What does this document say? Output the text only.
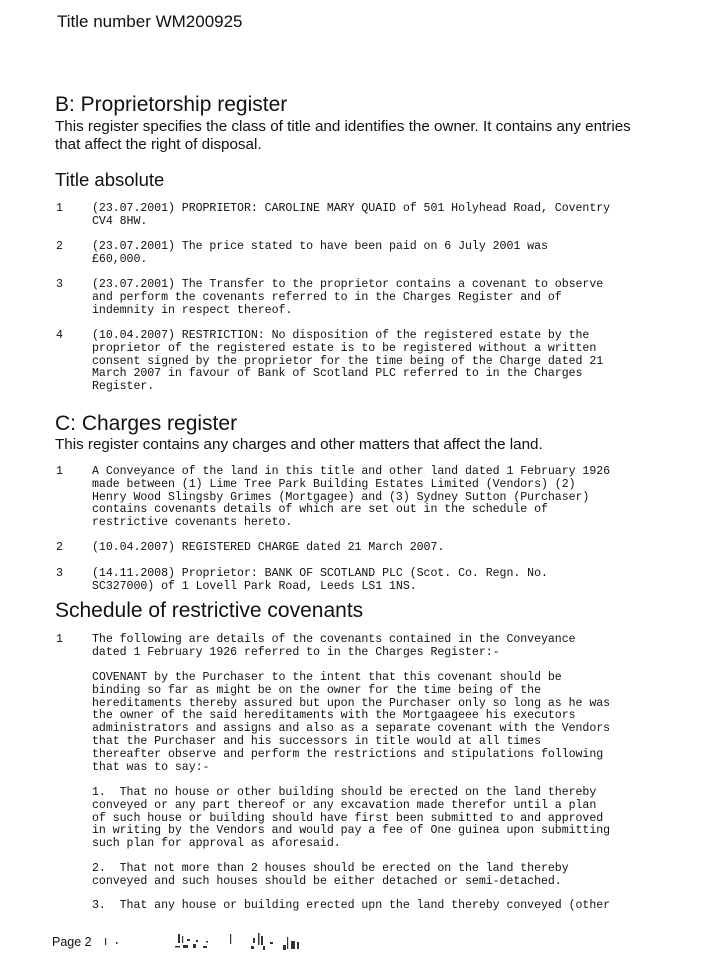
Title number WM200925
B: Proprietorship register
This register specifies the class of title and identifies the owner. It contains any entries that affect the right of disposal.
Title absolute
1	(23.07.2001) PROPRIETOR: CAROLINE MARY QUAID of 501 Holyhead Road, Coventry
CV4 8HW.
2	(23.07.2001) The price stated to have been paid on 6 July 2001 was
£60,000.
3	(23.07.2001) The Transfer to the proprietor contains a covenant to observe
and perform the covenants referred to in the Charges Register and of
indemnity in respect thereof.
4	(10.04.2007) RESTRICTION: No disposition of the registered estate by the
proprietor of the registered estate is to be registered without a written
consent signed by the proprietor for the time being of the Charge dated 21
March 2007 in favour of Bank of Scotland PLC referred to in the Charges
Register.
C: Charges register
This register contains any charges and other matters that affect the land.
1	A Conveyance of the land in this title and other land dated 1 February 1926
made between (1) Lime Tree Park Building Estates Limited (Vendors) (2)
Henry Wood Slingsby Grimes (Mortgagee) and (3) Sydney Sutton (Purchaser)
contains covenants details of which are set out in the schedule of
restrictive covenants hereto.
2	(10.04.2007) REGISTERED CHARGE dated 21 March 2007.
3	(14.11.2008) Proprietor: BANK OF SCOTLAND PLC (Scot. Co. Regn. No.
SC327000) of 1 Lovell Park Road, Leeds LS1 1NS.
Schedule of restrictive covenants
1	The following are details of the covenants contained in the Conveyance
dated 1 February 1926 referred to in the Charges Register:-
COVENANT by the Purchaser to the intent that this covenant should be
binding so far as might be on the owner for the time being of the
hereditaments thereby assured but upon the Purchaser only so long as he was
the owner of the said hereditaments with the Mortgaageee his executors
administrators and assigns and also as a separate covenant with the Vendors
that the Purchaser and his successors in title would at all times
thereafter observe and perform the restrictions and stipulations following
that was to say:-
1.  That no house or other building should be erected on the land thereby
conveyed or any part thereof or any excavation made therefor until a plan
of such house or building should have first been submitted to and approved
in writing by the Vendors and would pay a fee of One guinea upon submitting
such plan for approval as aforesaid.
2.  That not more than 2 houses should be erected on the land thereby
conveyed and such houses should be either detached or semi-detached.
3.  That any house or building erected upn the land thereby conveyed (other
Page 2
